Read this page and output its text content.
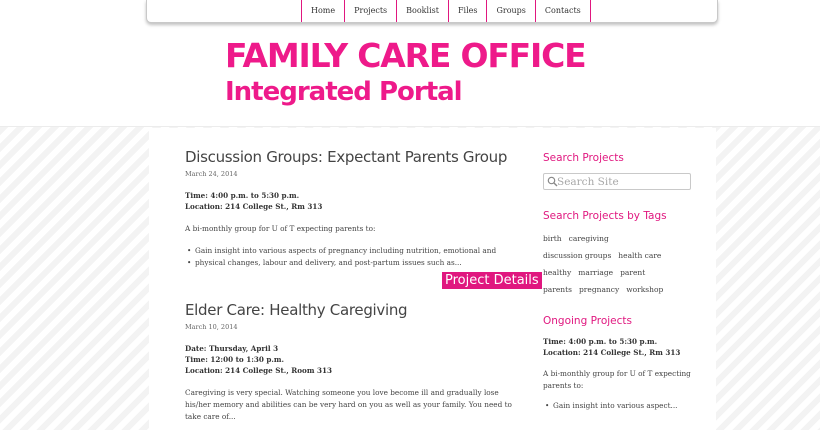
Home	Projects	Booklist	Files	Groups	Contacts
FAMILY CARE OFFICE
Integrated Portal
Discussion Groups: Expectant Parents Group
March 24, 2014
Time: 4:00 p.m. to 5:30 p.m.
Location: 214 College St., Rm 313
A bi-monthly group for U of T expecting parents to:
• Gain insight into various aspects of pregnancy including nutrition, emotional and
• physical changes, labour and delivery, and post-partum issues such as...
Project Details
Elder Care: Healthy Caregiving
March 10, 2014
Date: Thursday, April 3
Time: 12:00 to 1:30 p.m.
Location: 214 College St., Room 313
Caregiving is very special. Watching someone you love become ill and gradually lose
his/her memory and abilities can be very hard on you as well as your family. You need to
take care of...
Search Projects
Search Site
Search Projects by Tags
birth caregiving
discussion groups health care
healthy marriage parent
parents pregnancy workshop
Ongoing Projects
Time: 4:00 p.m. to 5:30 p.m.
Location: 214 College St., Rm 313
A bi-monthly group for U of T expecting
parents to:
• Gain insight into various aspect...
